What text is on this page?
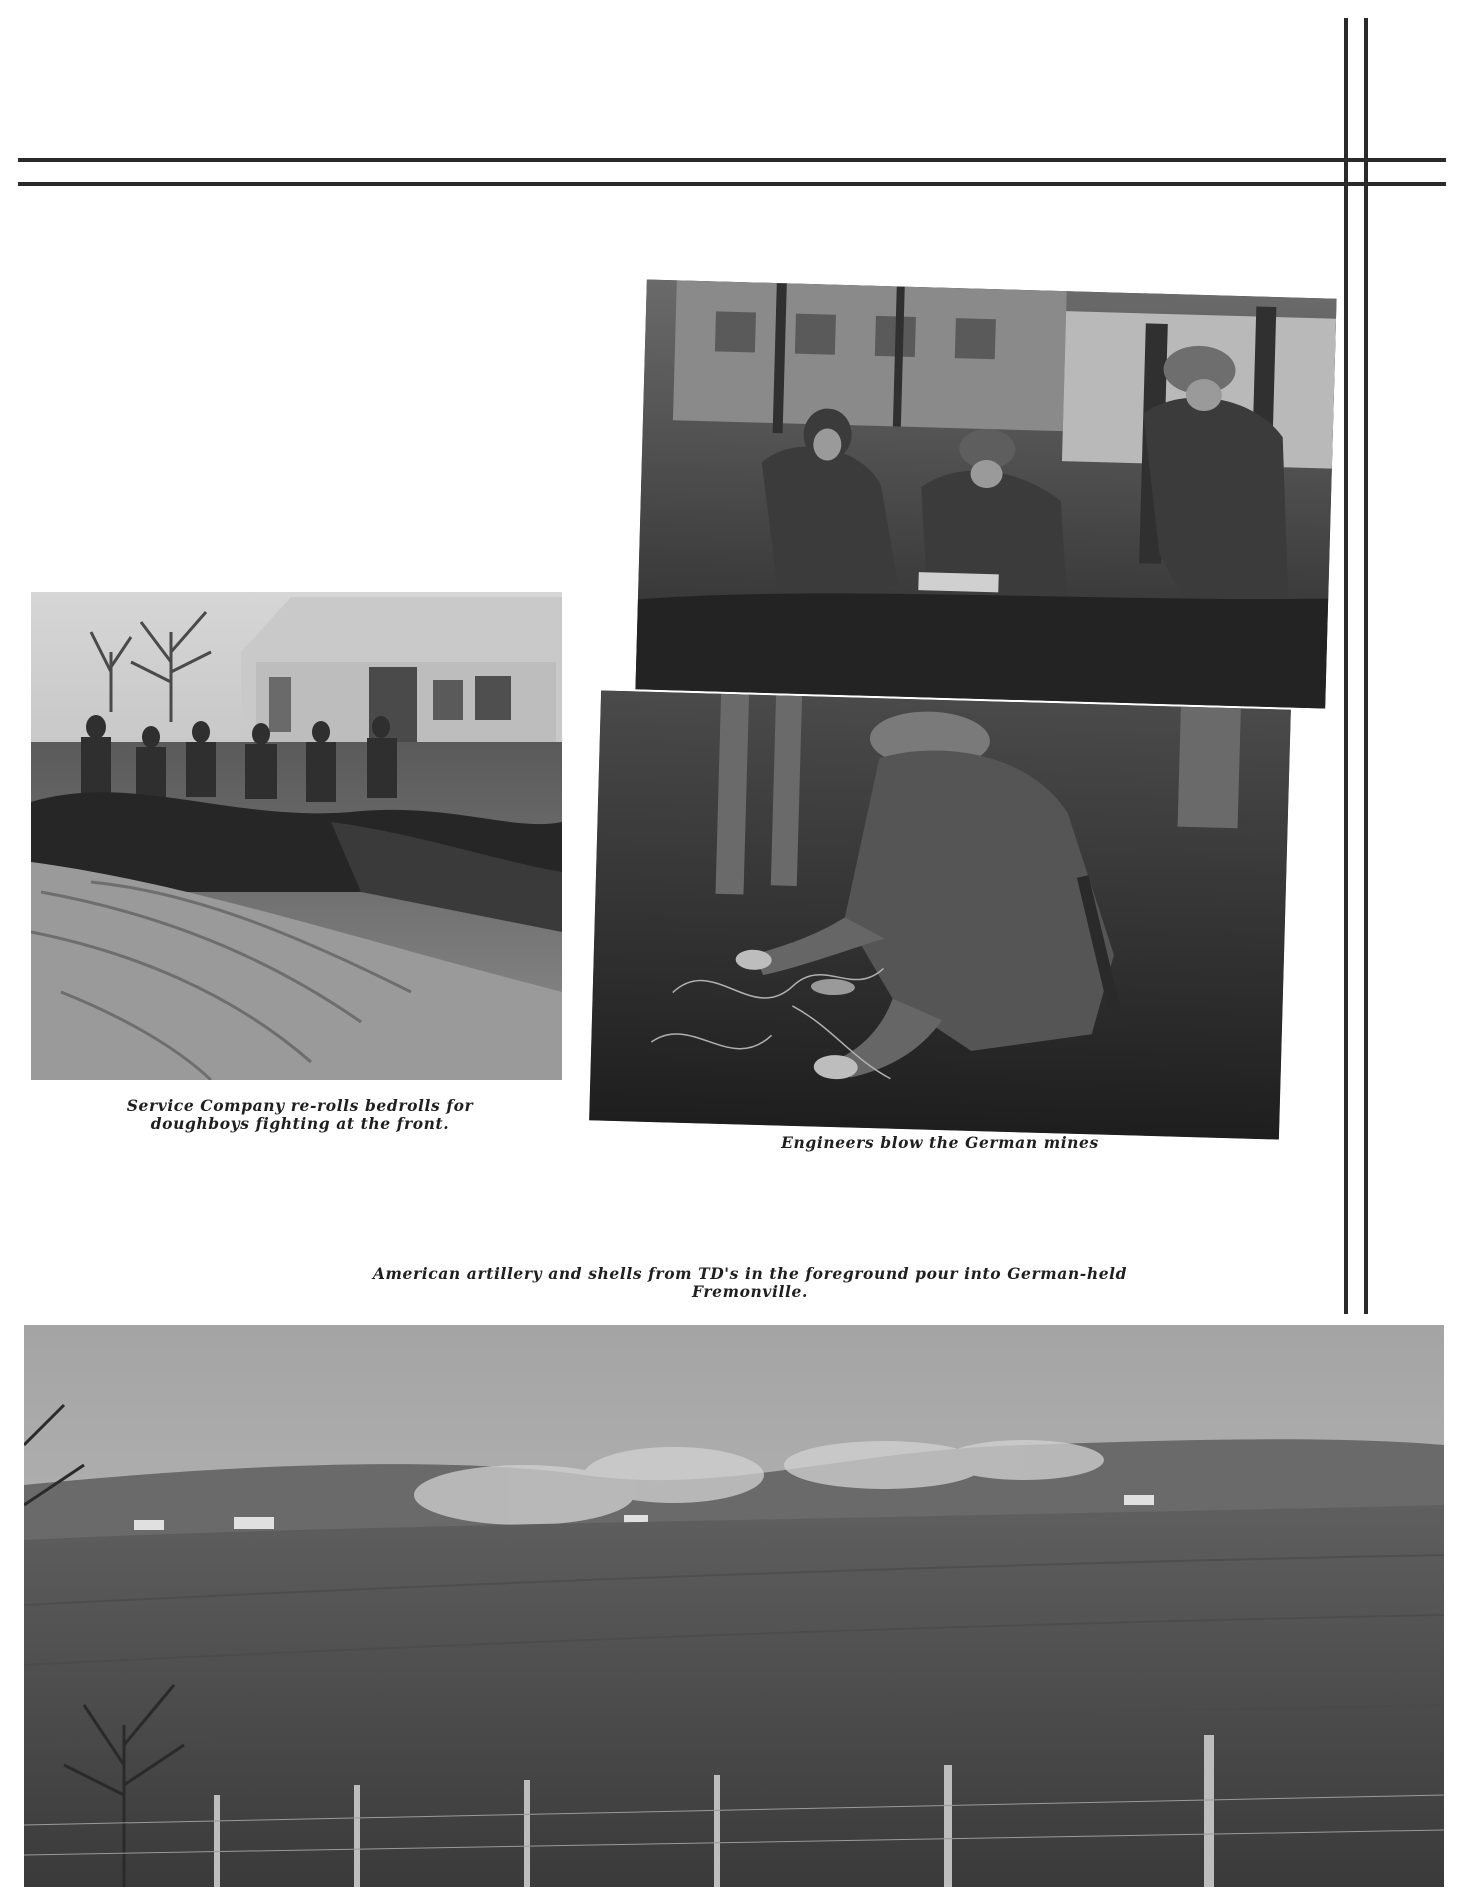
Service Company re-rolls bedrolls for
doughboys fighting at the front.

Engineers blow the German mines

American artillery and shells from TD's in the foreground pour into German-held
Fremonville.
